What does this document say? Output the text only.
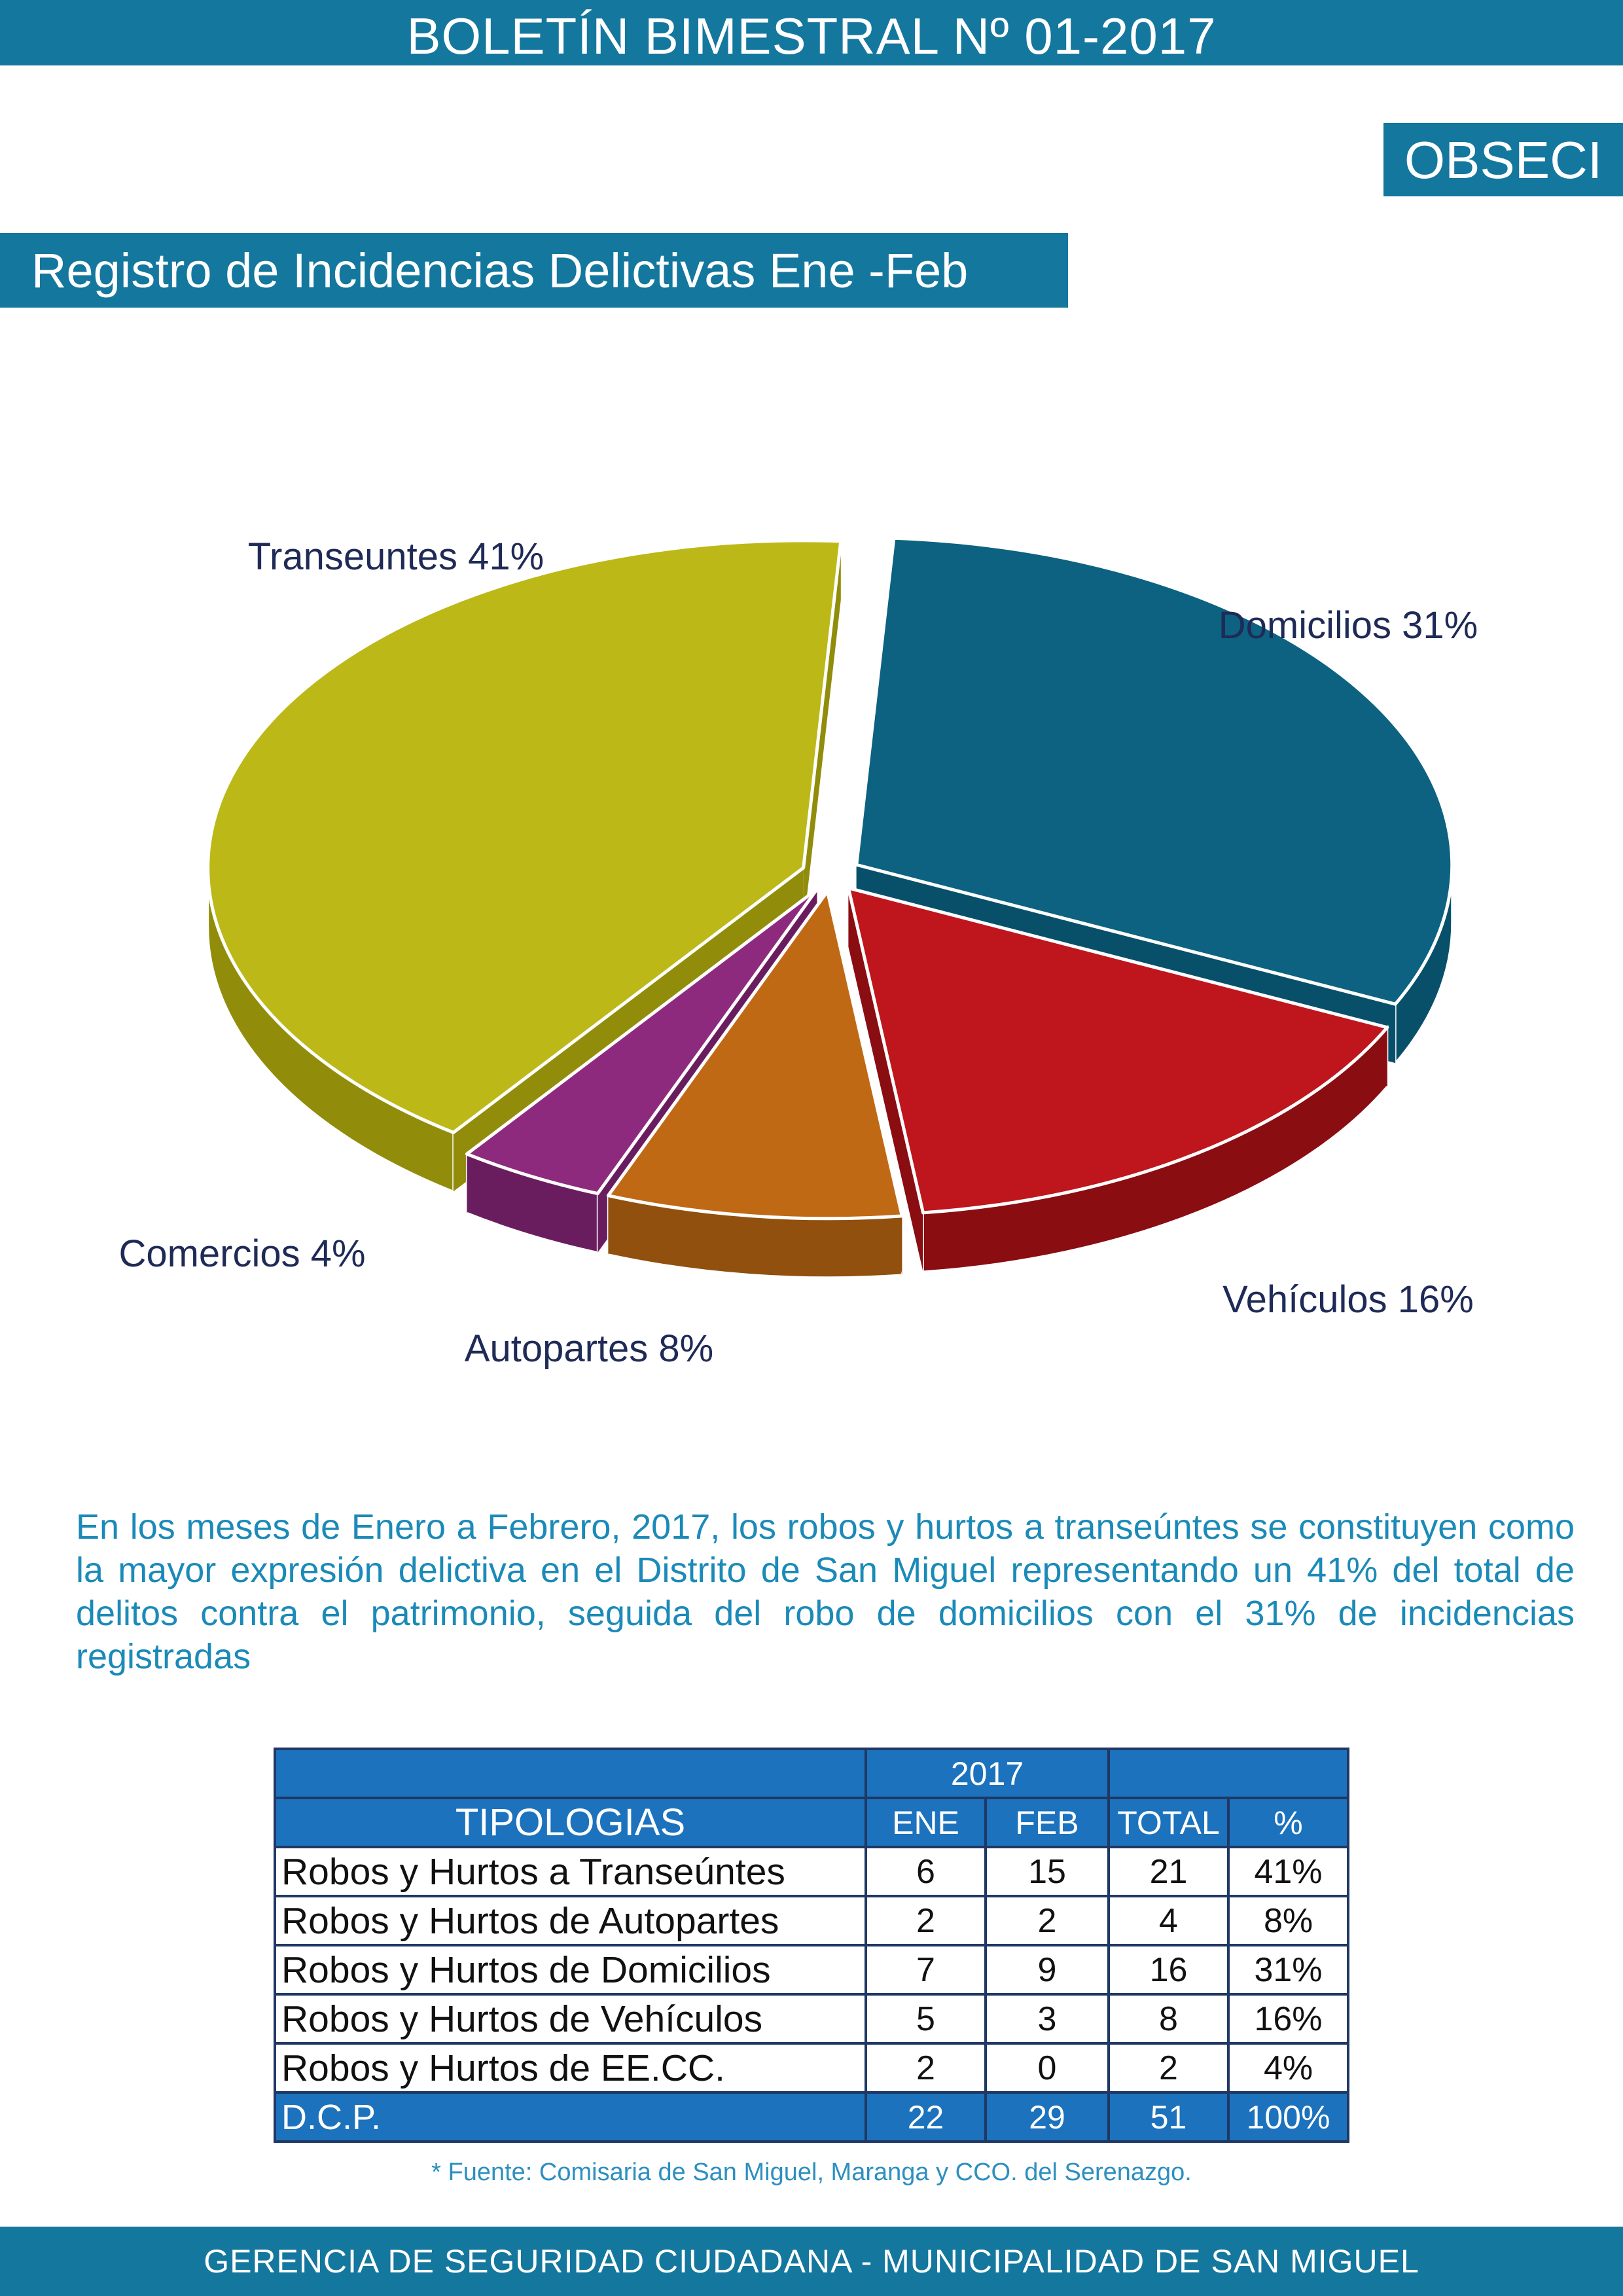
BOLETÍN BIMESTRAL Nº 01-2017
OBSECI
Registro de Incidencias Delictivas Ene -Feb 2017
Domicilios 31%
Vehículos 16%
Autopartes 8%
Comercios 4%
Transeuntes 41%
En los meses de Enero a Febrero, 2017, los robos y hurtos a transeúntes se constituyen como la mayor expresión delictiva en el Distrito de San Miguel representando un 41% del total de delitos contra el patrimonio, seguida del robo de domicilios con el 31% de incidencias registradas
	2017			
TIPOLOGIAS	ENE	FEB	TOTAL	%
Robos y Hurtos a Transeúntes	6	15	21	41%
Robos y Hurtos de Autopartes	2	2	4	8%
Robos y Hurtos de Domicilios	7	9	16	31%
Robos y Hurtos de Vehículos	5	3	8	16%
Robos y Hurtos de EE.CC.	2	0	2	4%
D.C.P.	22	29	51	100%
* Fuente: Comisaria de San Miguel, Maranga y CCO. del Serenazgo.
GERENCIA DE SEGURIDAD CIUDADANA - MUNICIPALIDAD DE SAN MIGUEL
